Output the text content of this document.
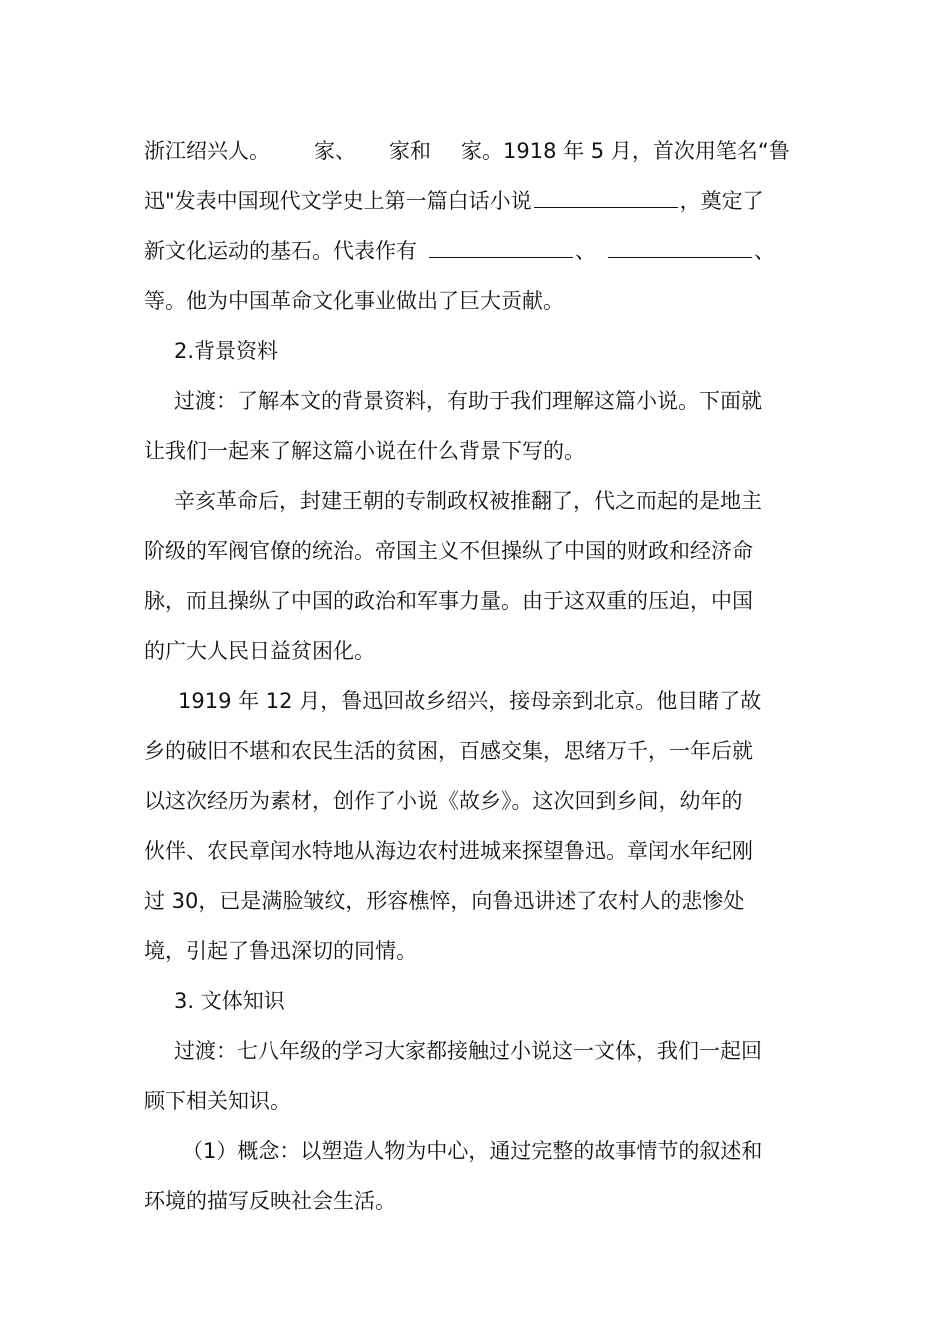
浙江绍兴人。 家、 家和 家。1918 年 5 月，首次用笔名“鲁
迅"发表中国现代文学史上第一篇白话小说	，奠定了
新文化运动的基石。代表作有	、	、
等。他为中国革命文化事业做出了巨大贡献。
2.背景资料
过渡：了解本文的背景资料，有助于我们理解这篇小说。下面就
让我们一起来了解这篇小说在什么背景下写的。
辛亥革命后，封建王朝的专制政权被推翻了，代之而起的是地主
阶级的军阀官僚的统治。帝国主义不但操纵了中国的财政和经济命
脉，而且操纵了中国的政治和军事力量。由于这双重的压迫，中国
的广大人民日益贫困化。
1919 年 12 月，鲁迅回故乡绍兴，接母亲到北京。他目睹了故
乡的破旧不堪和农民生活的贫困，百感交集，思绪万千，一年后就
以这次经历为素材，创作了小说《故乡》。这次回到乡间，幼年的
伙伴、农民章闰水特地从海边农村进城来探望鲁迅。章闰水年纪刚
过 30，已是满脸皱纹，形容樵悴，向鲁迅讲述了农村人的悲惨处
境，引起了鲁迅深切的同情。
3. 文体知识
过渡：七八年级的学习大家都接触过小说这一文体，我们一起回
顾下相关知识。
（1）概念：以塑造人物为中心，通过完整的故事情节的叙述和
环境的描写反映社会生活。
